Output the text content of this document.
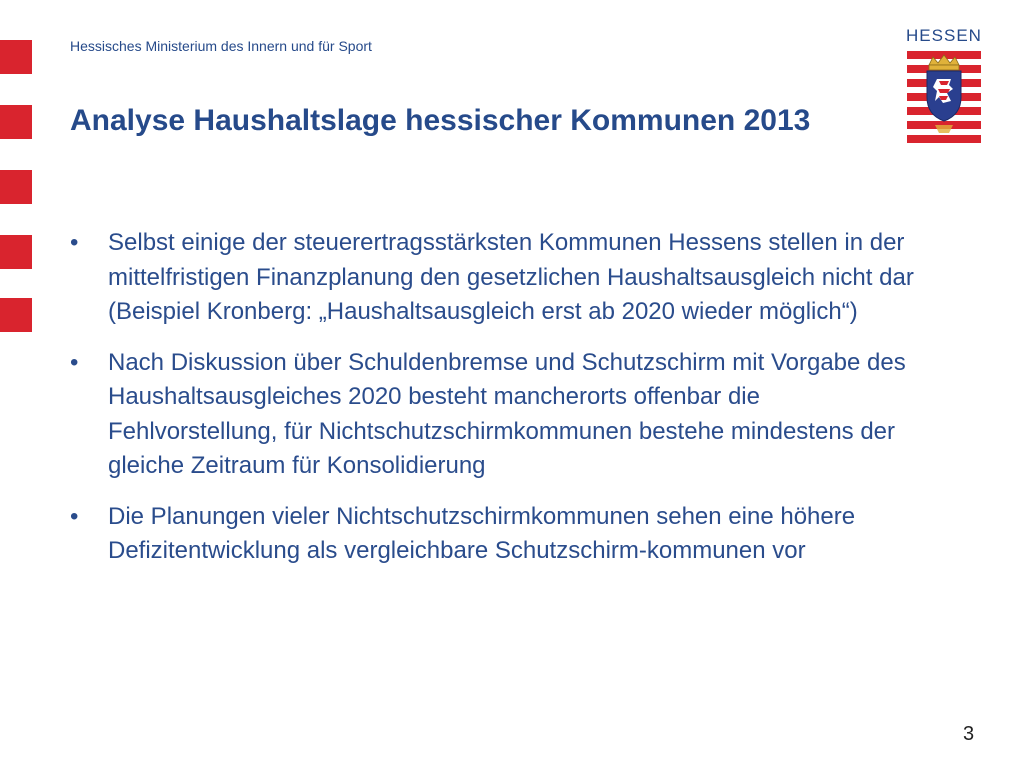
Hessisches Ministerium des Innern und für Sport
Analyse Haushaltslage hessischer Kommunen 2013
• Selbst einige der steuerertragsstärksten Kommunen Hessens stellen in der mittelfristigen Finanzplanung den gesetzlichen Haushaltsausgleich nicht dar (Beispiel Kronberg: „Haushaltsausgleich erst ab 2020 wieder möglich“)
• Nach Diskussion über Schuldenbremse und Schutzschirm mit Vorgabe des Haushaltsausgleiches 2020 besteht mancherorts offenbar die Fehlvorstellung, für Nichtschutzschirmkommunen bestehe mindestens der gleiche Zeitraum für Konsolidierung
• Die Planungen vieler Nichtschutzschirmkommunen sehen eine höhere Defizitentwicklung als vergleichbare Schutzschirm-kommunen vor
HESSEN
3
